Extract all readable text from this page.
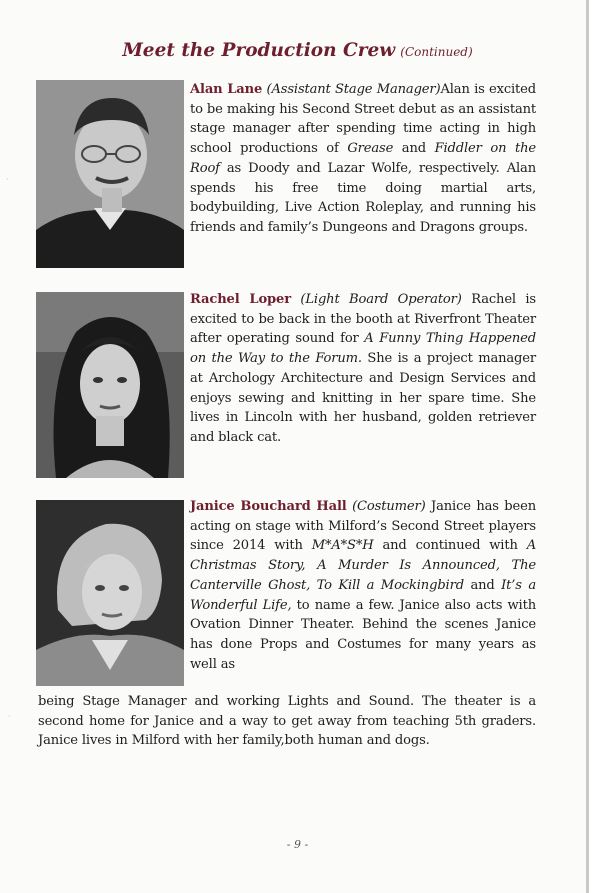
Meet the Production Crew (Continued)
Alan Lane (Assistant Stage Manager)Alan is excited to be making his Second Street debut as an assistant stage manager after spending time acting in high school productions of Grease and Fiddler on the Roof as Doody and Lazar Wolfe, respectively. Alan spends his free time doing martial arts, bodybuilding, Live Action Roleplay, and running his friends and family’s Dungeons and Dragons groups.
Rachel Loper (Light Board Operator) Rachel is excited to be back in the booth at Riverfront Theater after operating sound for A Funny Thing Happened on the Way to the Forum. She is a project manager at Archology Architecture and Design Services and enjoys sewing and knitting in her spare time. She lives in Lincoln with her husband, golden retriever and black cat.
Janice Bouchard Hall (Costumer) Janice has been acting on stage with Milford’s Second Street players since 2014 with M*A*S*H and continued with A Christmas Story, A Murder Is Announced, The Canterville Ghost, To Kill a Mockingbird and It’s a Wonderful Life, to name a few. Janice also acts with Ovation Dinner Theater. Behind the scenes Janice has done Props and Costumes for many years as well as
being Stage Manager and working Lights and Sound. The theater is a second home for Janice and a way to get away from teaching 5th graders. Janice lives in Milford with her family,both human and dogs.
- 9 -
·
·
